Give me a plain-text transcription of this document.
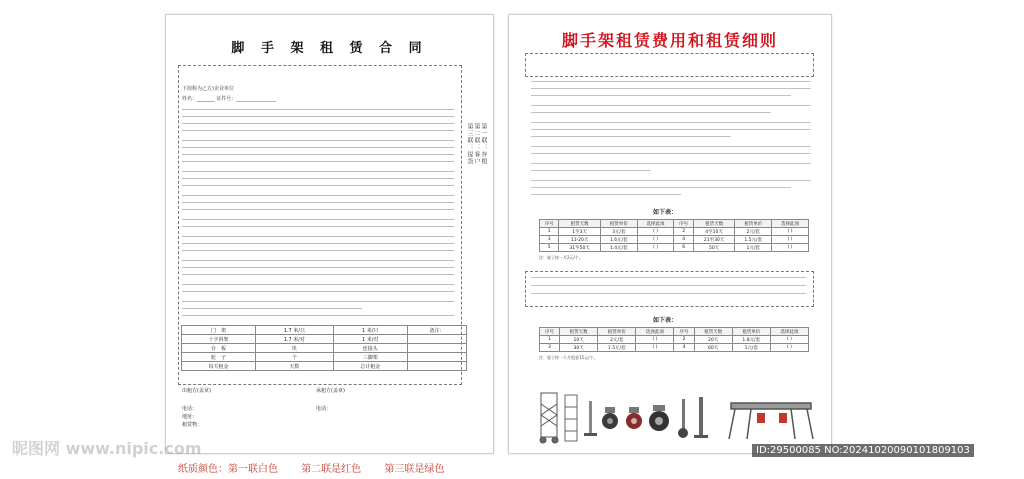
脚 手 架 租 赁 合 同
下简称为乙方)企业单位
姓名：_______ 证件号：________________
第一联：存根
第二联：客户
第三联：提货
门　架	1.7 米/只	1 米/只	备注：
十字斜架	1.7 米/对	1 米/对	
台　板	块	连接头	
轮　子	个	三脚架	
每天租金	天数	总计租金	
出租方(盖章)	承租方(盖章)
电话：
地址：
租赁物：
电话：
纸质颜色：第一联白色 第二联是红色 第三联是绿色
脚手架租赁费用和租赁细则
如下表：
序号	租赁天数	租赁单价	选择此项	序号	租赁天数	租赁单价	选择此项
1	1至3天	3元/套	( )	2	4至10天	2元/套	( )
3	11-20天	1.6元/套	( )	4	21至30天	1.5元/套	( )
5	31至50天	1.4元/套	( )	6	50天	1元/套	( )
注：轮子按一月2元/个。
如下表：
序号	租赁天数	租赁单价	选择此项	序号	租赁天数	租赁单价	选择此项
1	10天	2元/套	( )	2	20天	1.8元/套	( )
3	30天	1.5元/套	( )	4	60天	1元/套	( )
注：轮子按一个月租金15元/个。
昵图网 www.nipic.com	ID:29500085 NO:20241020090101809103
